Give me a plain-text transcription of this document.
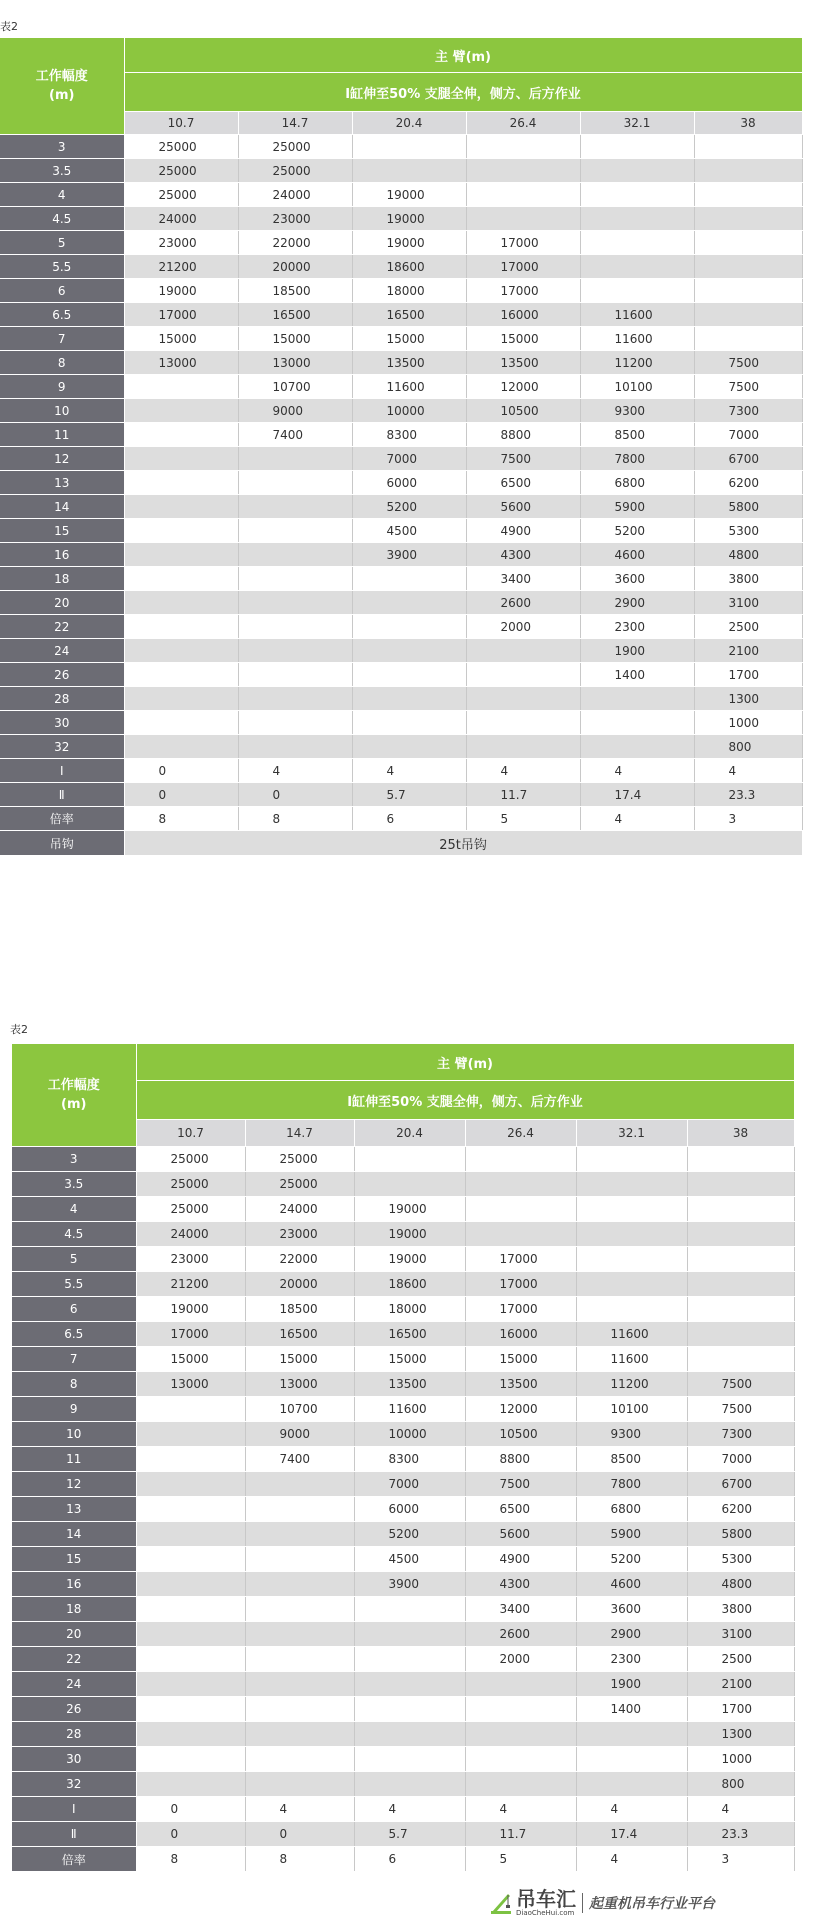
表2
工作幅度
(m)	主 臂(m)					
	Ⅰ缸伸至50% 支腿全伸，侧方、后方作业					
	10.7	14.7	20.4	26.4	32.1	38
3	25000	25000				
3.5	25000	25000				
4	25000	24000	19000			
4.5	24000	23000	19000			
5	23000	22000	19000	17000		
5.5	21200	20000	18600	17000		
6	19000	18500	18000	17000		
6.5	17000	16500	16500	16000	11600	
7	15000	15000	15000	15000	11600	
8	13000	13000	13500	13500	11200	7500
9		10700	11600	12000	10100	7500
10		9000	10000	10500	9300	7300
11		7400	8300	8800	8500	7000
12			7000	7500	7800	6700
13			6000	6500	6800	6200
14			5200	5600	5900	5800
15			4500	4900	5200	5300
16			3900	4300	4600	4800
18				3400	3600	3800
20				2600	2900	3100
22				2000	2300	2500
24					1900	2100
26					1400	1700
28						1300
30						1000
32						800
Ⅰ	0	4	4	4	4	4
Ⅱ	0	0	5.7	11.7	17.4	23.3
倍率	8	8	6	5	4	3
吊钩	25t吊钩					
表2
工作幅度
(m)	主 臂(m)					
	Ⅰ缸伸至50% 支腿全伸，侧方、后方作业					
	10.7	14.7	20.4	26.4	32.1	38
3	25000	25000				
3.5	25000	25000				
4	25000	24000	19000			
4.5	24000	23000	19000			
5	23000	22000	19000	17000		
5.5	21200	20000	18600	17000		
6	19000	18500	18000	17000		
6.5	17000	16500	16500	16000	11600	
7	15000	15000	15000	15000	11600	
8	13000	13000	13500	13500	11200	7500
9		10700	11600	12000	10100	7500
10		9000	10000	10500	9300	7300
11		7400	8300	8800	8500	7000
12			7000	7500	7800	6700
13			6000	6500	6800	6200
14			5200	5600	5900	5800
15			4500	4900	5200	5300
16			3900	4300	4600	4800
18				3400	3600	3800
20				2600	2900	3100
22				2000	2300	2500
24					1900	2100
26					1400	1700
28						1300
30						1000
32						800
Ⅰ	0	4	4	4	4	4
Ⅱ	0	0	5.7	11.7	17.4	23.3
倍率	8	8	6	5	4	3
吊车汇
DiaoCheHui.com
起重机吊车行业平台
